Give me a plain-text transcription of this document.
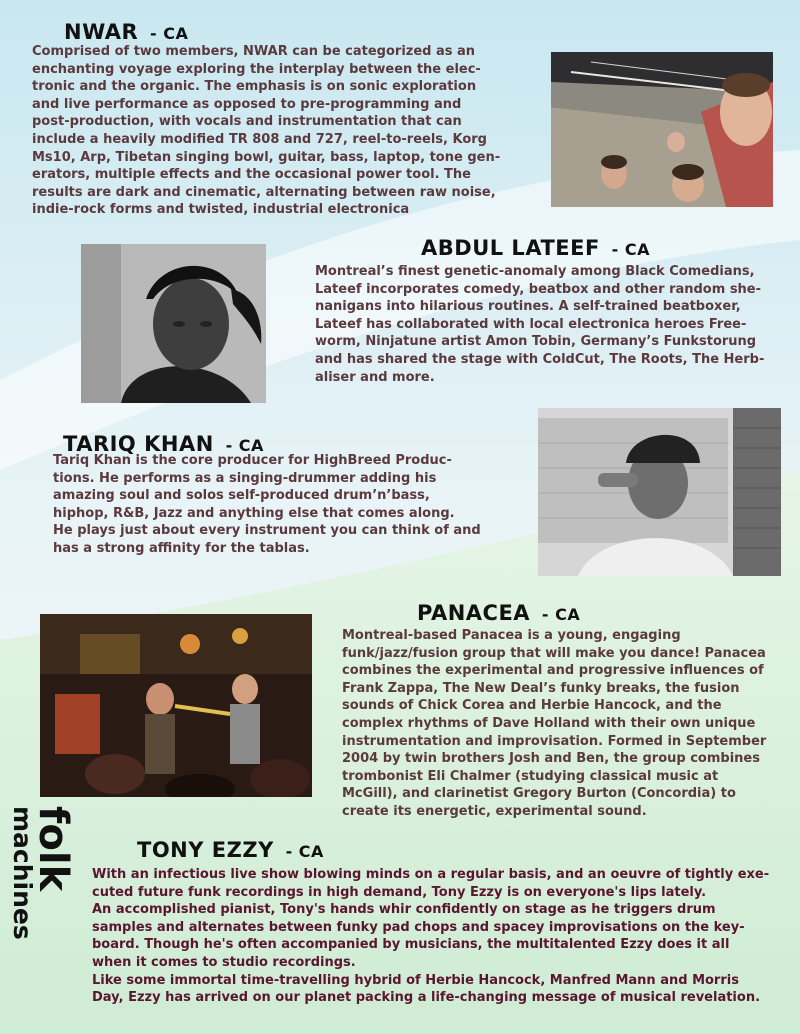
NWAR - CA

Comprised of two members, NWAR can be categorized as an
enchanting voyage exploring the interplay between the elec-
tronic and the organic. The emphasis is on sonic exploration
and live performance as opposed to pre-programming and
post-production, with vocals and instrumentation that can
include a heavily modified TR 808 and 727, reel-to-reels, Korg
Ms10, Arp, Tibetan singing bowl, guitar, bass, laptop, tone gen-
erators, multiple effects and the occasional power tool. The
results are dark and cinematic, alternating between raw noise,
indie-rock forms and twisted, industrial electronica

ABDUL LATEEF - CA

Montreal’s finest genetic-anomaly among Black Comedians,
Lateef incorporates comedy, beatbox and other random she-
nanigans into hilarious routines. A self-trained beatboxer,
Lateef has collaborated with local electronica heroes Free-
worm, Ninjatune artist Amon Tobin, Germany’s Funkstorung
and has shared the stage with ColdCut, The Roots, The Herb-
aliser and more.

TARIQ KHAN - CA

Tariq Khan is the core producer for HighBreed Produc-
tions. He performs as a singing-drummer adding his
amazing soul and solos self-produced drum’n’bass,
hiphop, R&B, Jazz and anything else that comes along.
He plays just about every instrument you can think of and
has a strong affinity for the tablas.

PANACEA - CA

Montreal-based Panacea is a young, engaging
funk/jazz/fusion group that will make you dance! Panacea
combines the experimental and progressive influences of
Frank Zappa, The New Deal’s funky breaks, the fusion
sounds of Chick Corea and Herbie Hancock, and the
complex rhythms of Dave Holland with their own unique
instrumentation and improvisation. Formed in September
2004 by twin brothers Josh and Ben, the group combines
trombonist Eli Chalmer (studying classical music at
McGill), and clarinetist Gregory Burton (Concordia) to
create its energetic, experimental sound.

TONY EZZY - CA

With an infectious live show blowing minds on a regular basis, and an oeuvre of tightly exe-
cuted future funk recordings in high demand, Tony Ezzy is on everyone's lips lately.
An accomplished pianist, Tony's hands whir confidently on stage as he triggers drum
samples and alternates between funky pad chops and spacey improvisations on the key-
board. Though he's often accompanied by musicians, the multitalented Ezzy does it all
when it comes to studio recordings.
Like some immortal time-travelling hybrid of Herbie Hancock, Manfred Mann and Morris
Day, Ezzy has arrived on our planet packing a life-changing message of musical revelation.

folk
machines
